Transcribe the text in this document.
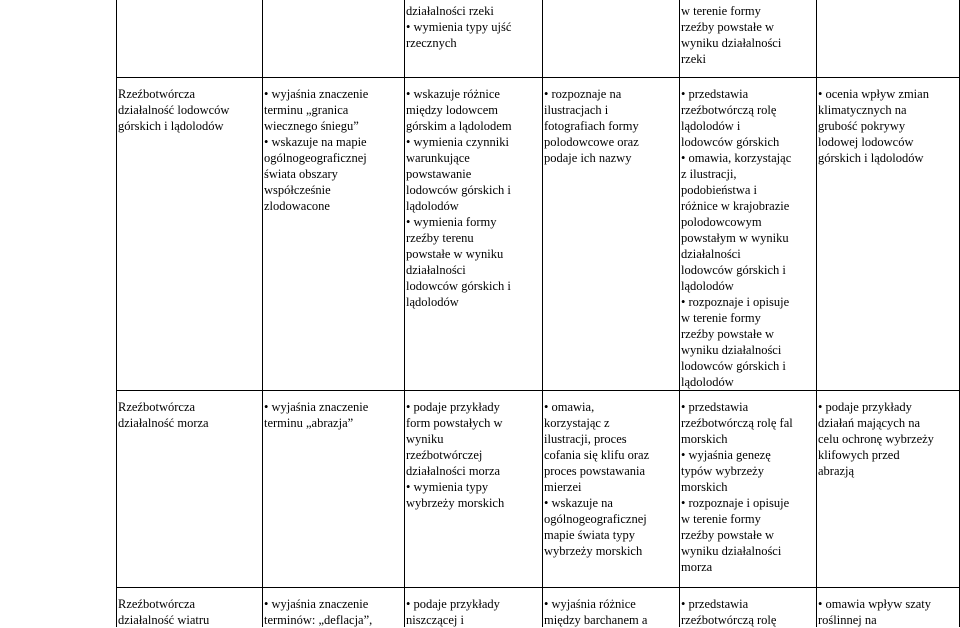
działalności rzeki
• wymienia typy ujść
rzecznych
w terenie formy
rzeźby powstałe w
wyniku działalności
rzeki
Rzeźbotwórcza
działalność lodowców
górskich i lądolodów
• wyjaśnia znaczenie
terminu „granica
wiecznego śniegu”
• wskazuje na mapie
ogólnogeograficznej
świata obszary
współcześnie
zlodowacone
• wskazuje różnice
między lodowcem
górskim a lądolodem
• wymienia czynniki
warunkujące
powstawanie
lodowców górskich i
lądolodów
• wymienia formy
rzeźby terenu
powstałe w wyniku
działalności
lodowców górskich i
lądolodów
• rozpoznaje na
ilustracjach i
fotografiach formy
polodowcowe oraz
podaje ich nazwy
• przedstawia
rzeźbotwórczą rolę
lądolodów i
lodowców górskich
• omawia, korzystając
z ilustracji,
podobieństwa i
różnice w krajobrazie
polodowcowym
powstałym w wyniku
działalności
lodowców górskich i
lądolodów
• rozpoznaje i opisuje
w terenie formy
rzeźby powstałe w
wyniku działalności
lodowców górskich i
lądolodów
• ocenia wpływ zmian
klimatycznych na
grubość pokrywy
lodowej lodowców
górskich i lądolodów
Rzeźbotwórcza
działalność morza
• wyjaśnia znaczenie
terminu „abrazja”
• podaje przykłady
form powstałych w
wyniku
rzeźbotwórczej
działalności morza
• wymienia typy
wybrzeży morskich
• omawia,
korzystając z
ilustracji, proces
cofania się klifu oraz
proces powstawania
mierzei
• wskazuje na
ogólnogeograficznej
mapie świata typy
wybrzeży morskich
• przedstawia
rzeźbotwórczą rolę fal
morskich
• wyjaśnia genezę
typów wybrzeży
morskich
• rozpoznaje i opisuje
w terenie formy
rzeźby powstałe w
wyniku działalności
morza
• podaje przykłady
działań mających na
celu ochronę wybrzeży
klifowych przed
abrazją
Rzeźbotwórcza
działalność wiatru
• wyjaśnia znaczenie
terminów: „deflacja”,
• podaje przykłady
niszczącej i
• wyjaśnia różnice
między barchanem a
• przedstawia
rzeźbotwórczą rolę
• omawia wpływ szaty
roślinnej na
